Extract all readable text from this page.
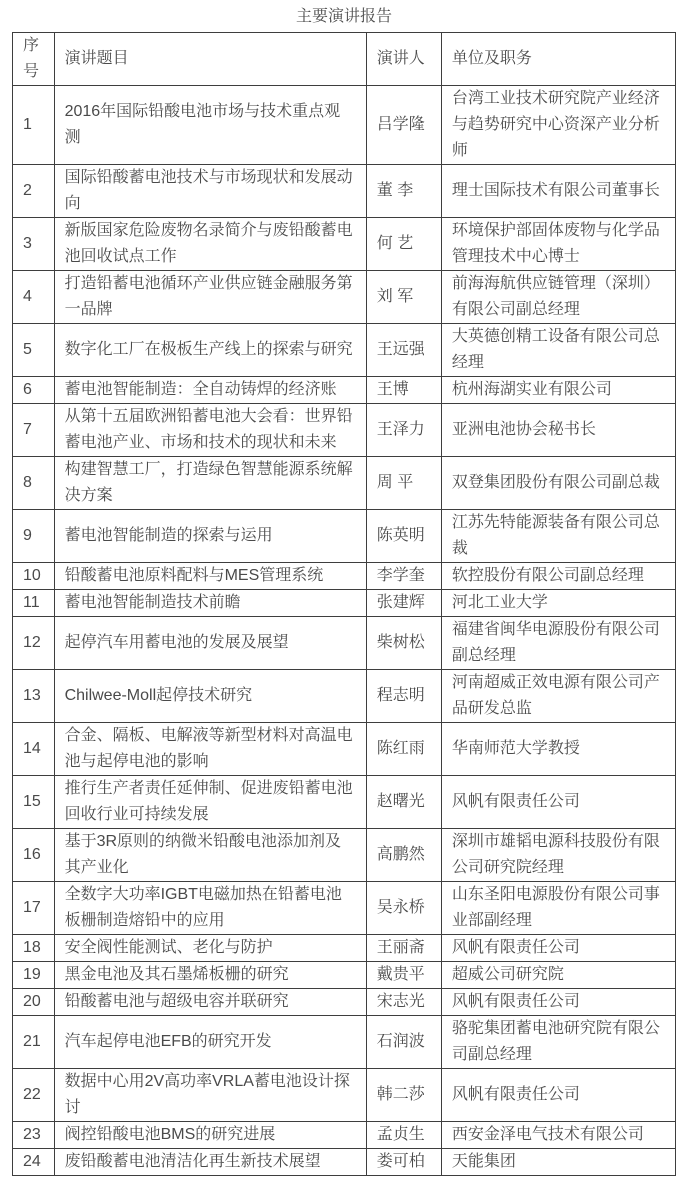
主要演讲报告
序号	演讲题目	演讲人	单位及职务
1	2016年国际铅酸电池市场与技术重点观测	吕学隆	台湾工业技术研究院产业经济与趋势研究中心资深产业分析师
2	国际铅酸蓄电池技术与市场现状和发展动向	董 李	理士国际技术有限公司董事长
3	新版国家危险废物名录简介与废铅酸蓄电池回收试点工作	何 艺	环境保护部固体废物与化学品管理技术中心博士
4	打造铅蓄电池循环产业供应链金融服务第一品牌	刘 军	前海海航供应链管理（深圳）有限公司副总经理
5	数字化工厂在极板生产线上的探索与研究	王远强	大英德创精工设备有限公司总经理
6	蓄电池智能制造：全自动铸焊的经济账	王博	杭州海湖实业有限公司
7	从第十五届欧洲铅蓄电池大会看：世界铅蓄电池产业、市场和技术的现状和未来	王泽力	亚洲电池协会秘书长
8	构建智慧工厂，打造绿色智慧能源系统解决方案	周 平	双登集团股份有限公司副总裁
9	蓄电池智能制造的探索与运用	陈英明	江苏先特能源装备有限公司总裁
10	铅酸蓄电池原料配料与MES管理系统	李学奎	软控股份有限公司副总经理
11	蓄电池智能制造技术前瞻	张建辉	河北工业大学
12	起停汽车用蓄电池的发展及展望	柴树松	福建省闽华电源股份有限公司副总经理
13	Chilwee-Moll起停技术研究	程志明	河南超威正效电源有限公司产品研发总监
14	合金、隔板、电解液等新型材料对高温电池与起停电池的影响	陈红雨	华南师范大学教授
15	推行生产者责任延伸制、促进废铅蓄电池回收行业可持续发展	赵曙光	风帆有限责任公司
16	基于3R原则的纳微米铅酸电池添加剂及其产业化	高鹏然	深圳市雄韬电源科技股份有限公司研究院经理
17	全数字大功率IGBT电磁加热在铅蓄电池板栅制造熔铅中的应用	吴永桥	山东圣阳电源股份有限公司事业部副经理
18	安全阀性能测试、老化与防护	王丽斋	风帆有限责任公司
19	黑金电池及其石墨烯板栅的研究	戴贵平	超威公司研究院
20	铅酸蓄电池与超级电容并联研究	宋志光	风帆有限责任公司
21	汽车起停电池EFB的研究开发	石润波	骆驼集团蓄电池研究院有限公司副总经理
22	数据中心用2V高功率VRLA蓄电池设计探讨	韩二莎	风帆有限责任公司
23	阀控铅酸电池BMS的研究进展	孟贞生	西安金泽电气技术有限公司
24	废铅酸蓄电池清洁化再生新技术展望	娄可柏	天能集团
